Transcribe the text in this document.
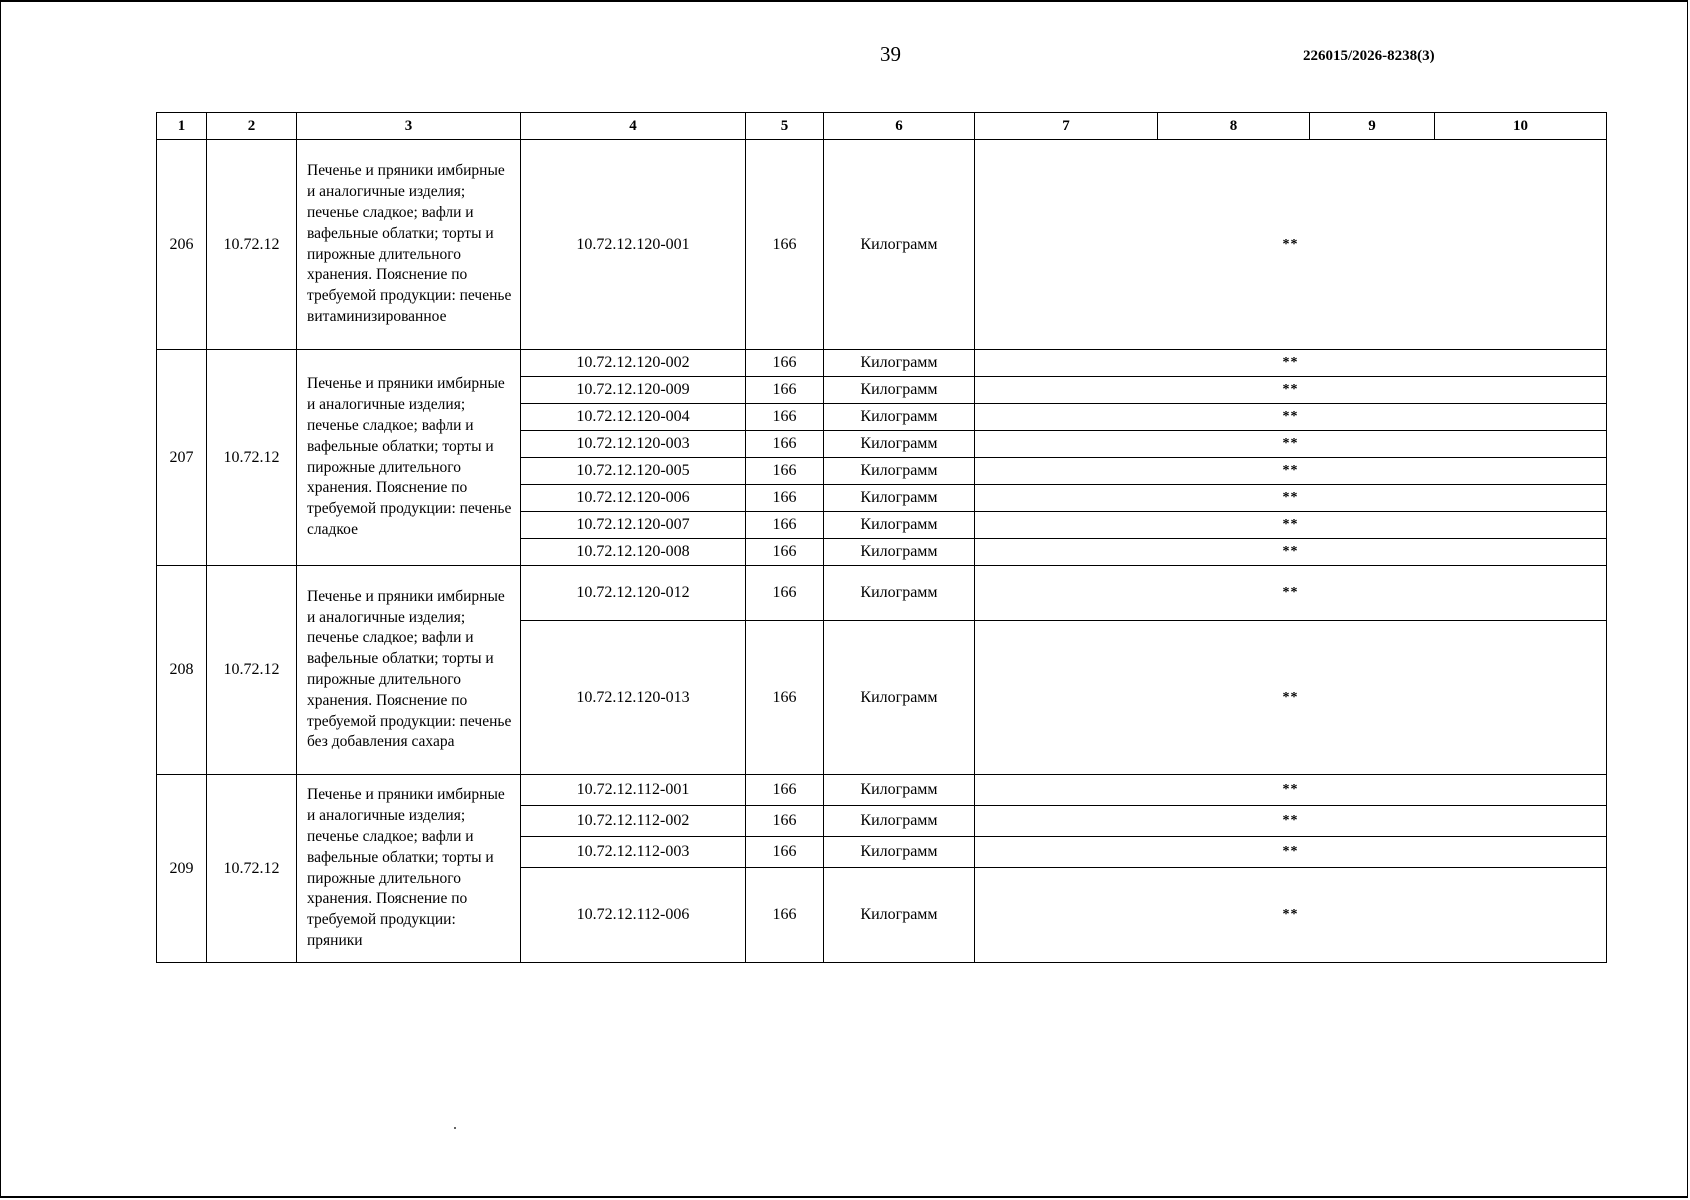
39	226015/2026-8238(3)
1	2	3	4	5	6	7	8	9	10
206	10.72.12	Печенье и пряники имбирные и аналогичные изделия; печенье сладкое; вафли и вафельные облатки; торты и пирожные длительного хранения. Пояснение по требуемой продукции: печенье витаминизированное	10.72.12.120-001	166	Килограмм	**			
207	10.72.12	Печенье и пряники имбирные и аналогичные изделия; печенье сладкое; вафли и вафельные облатки; торты и пирожные длительного хранения. Пояснение по требуемой продукции: печенье сладкое	10.72.12.120-002	166	Килограмм	**			
			10.72.12.120-009	166	Килограмм	**			
			10.72.12.120-004	166	Килограмм	**			
			10.72.12.120-003	166	Килограмм	**			
			10.72.12.120-005	166	Килограмм	**			
			10.72.12.120-006	166	Килограмм	**			
			10.72.12.120-007	166	Килограмм	**			
			10.72.12.120-008	166	Килограмм	**			
208	10.72.12	Печенье и пряники имбирные и аналогичные изделия; печенье сладкое; вафли и вафельные облатки; торты и пирожные длительного хранения. Пояснение по требуемой продукции: печенье без добавления сахара	10.72.12.120-012	166	Килограмм	**			
			10.72.12.120-013	166	Килограмм	**			
209	10.72.12	Печенье и пряники имбирные и аналогичные изделия; печенье сладкое; вафли и вафельные облатки; торты и пирожные длительного хранения. Пояснение по требуемой продукции: пряники	10.72.12.112-001	166	Килограмм	**			
			10.72.12.112-002	166	Килограмм	**			
			10.72.12.112-003	166	Килограмм	**			
			10.72.12.112-006	166	Килограмм	**			
